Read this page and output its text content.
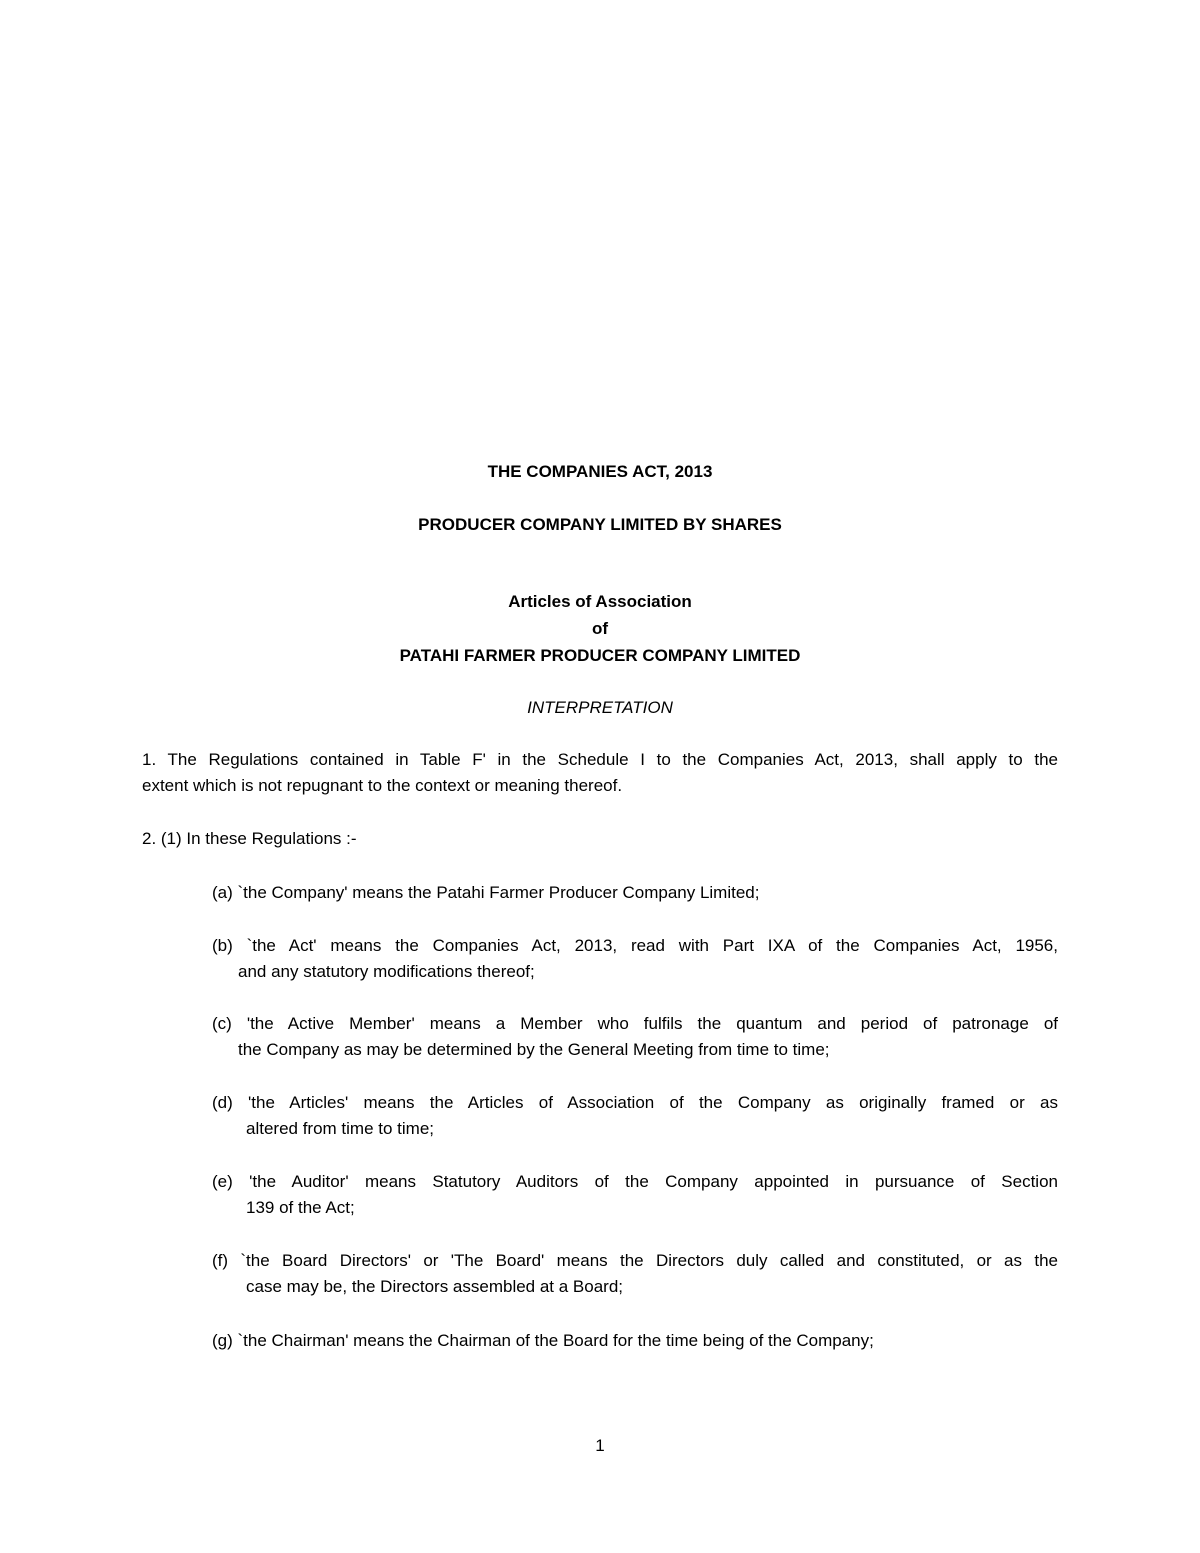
THE COMPANIES ACT, 2013
PRODUCER COMPANY LIMITED BY SHARES
Articles of Association
of
PATAHI FARMER PRODUCER COMPANY LIMITED
INTERPRETATION
1. The Regulations contained in Table F' in the Schedule I to the Companies Act, 2013, shall apply to the
extent which is not repugnant to the context or meaning thereof.
2. (1) In these Regulations :-
(a) `the Company' means the Patahi Farmer Producer Company Limited;
(b) `the Act' means the Companies Act, 2013, read with Part IXA of the Companies Act, 1956,
and any statutory modifications thereof;
(c) 'the Active Member' means a Member who fulfils the quantum and period of patronage of
the Company as may be determined by the General Meeting from time to time;
(d) 'the Articles' means the Articles of Association of the Company as originally framed or as
altered from time to time;
(e) 'the Auditor' means Statutory Auditors of the Company appointed in pursuance of Section
139 of the Act;
(f) `the Board Directors' or 'The Board' means the Directors duly called and constituted, or as the
case may be, the Directors assembled at a Board;
(g) `the Chairman' means the Chairman of the Board for the time being of the Company;
1
